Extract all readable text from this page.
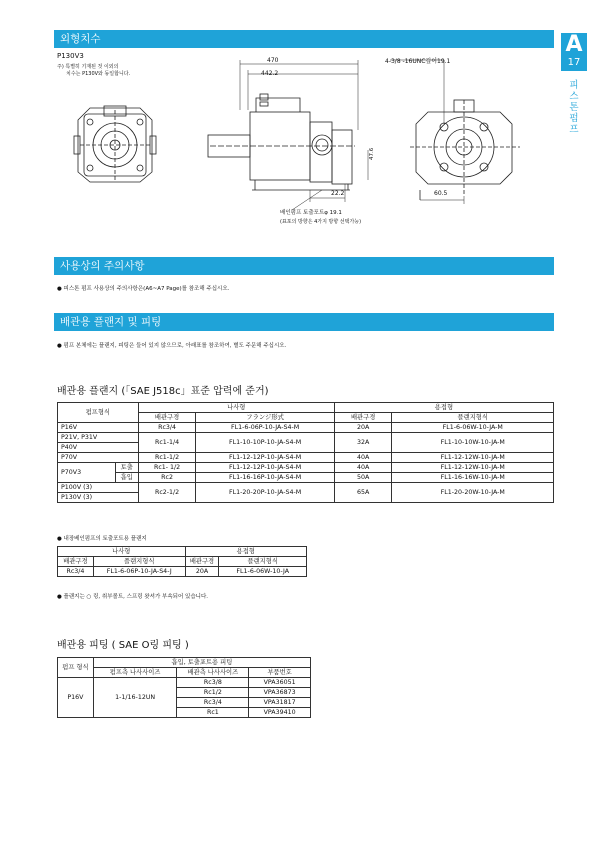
A
17
피스톤펌프
외형치수
P130V3
주) 특별히 기재된 것 이외의
치수는 P130V와 동일합니다.
470
442.2
4-3/8 -16UNC깊이19.1
47.6
22.2	60.5
배인펌프 토출포트φ 19.1
(표포의 방향은 4가지 방향 선택가능)
사용상의 주의사항
● 피스톤 펌프 사용상의 주의사항은(A6~A7 Page)를 참조해 주십시오.
배관용 플랜지 및 피팅
● 펌프 본체에는 플랜지, 피팅은 들어 있지 않으므로, 아래표를 참조하여, 별도 주문해 주십시오.
배관용 플랜지 (「SAE J518c」표준 압력에 준거)
펌프형식		나사형		용접형	
		배관구경	フランジ形式	배관구경	플랜지형식
P16V		Rc3/4	FL1-6-06P-10-JA-S4-M	20A	FL1-6-06W-10-JA-M
P21V, P31V		Rc1-1/4	FL1-10-10P-10-JA-S4-M	32A	FL1-10-10W-10-JA-M
P40V					
P70V		Rc1-1/2	FL1-12-12P-10-JA-S4-M	40A	FL1-12-12W-10-JA-M
P70V3	토출	Rc1- 1/2	FL1-12-12P-10-JA-S4-M	40A	FL1-12-12W-10-JA-M
	흡입	Rc2	FL1-16-16P-10-JA-S4-M	50A	FL1-16-16W-10-JA-M
P100V (3)		Rc2-1/2	FL1-20-20P-10-JA-S4-M	65A	FL1-20-20W-10-JA-M
P130V (3)					
● 내장베인펌프의 토출포트용 플랜지
나사형		용접형	
배관구경	플랜지형식	배관구경	플랜지형식
Rc3/4	FL1-6-06P-10-JA-S4-J	20A	FL1-6-06W-10-JA
● 플랜지는 ○ 링, 취부볼트, 스프링 왓셔가 부속되어 있습니다.
배관용 피팅 ( SAE O링 피팅 )
펌프 형식	흡입, 토출포트용 피팅		
	펌프측 나사사이즈	배관측 나사사이즈	부품번호
P16V	1-1/16-12UN	Rc3/8	VPA36051
		Rc1/2	VPA36873
		Rc3/4	VPA31817
		Rc1	VPA39410
